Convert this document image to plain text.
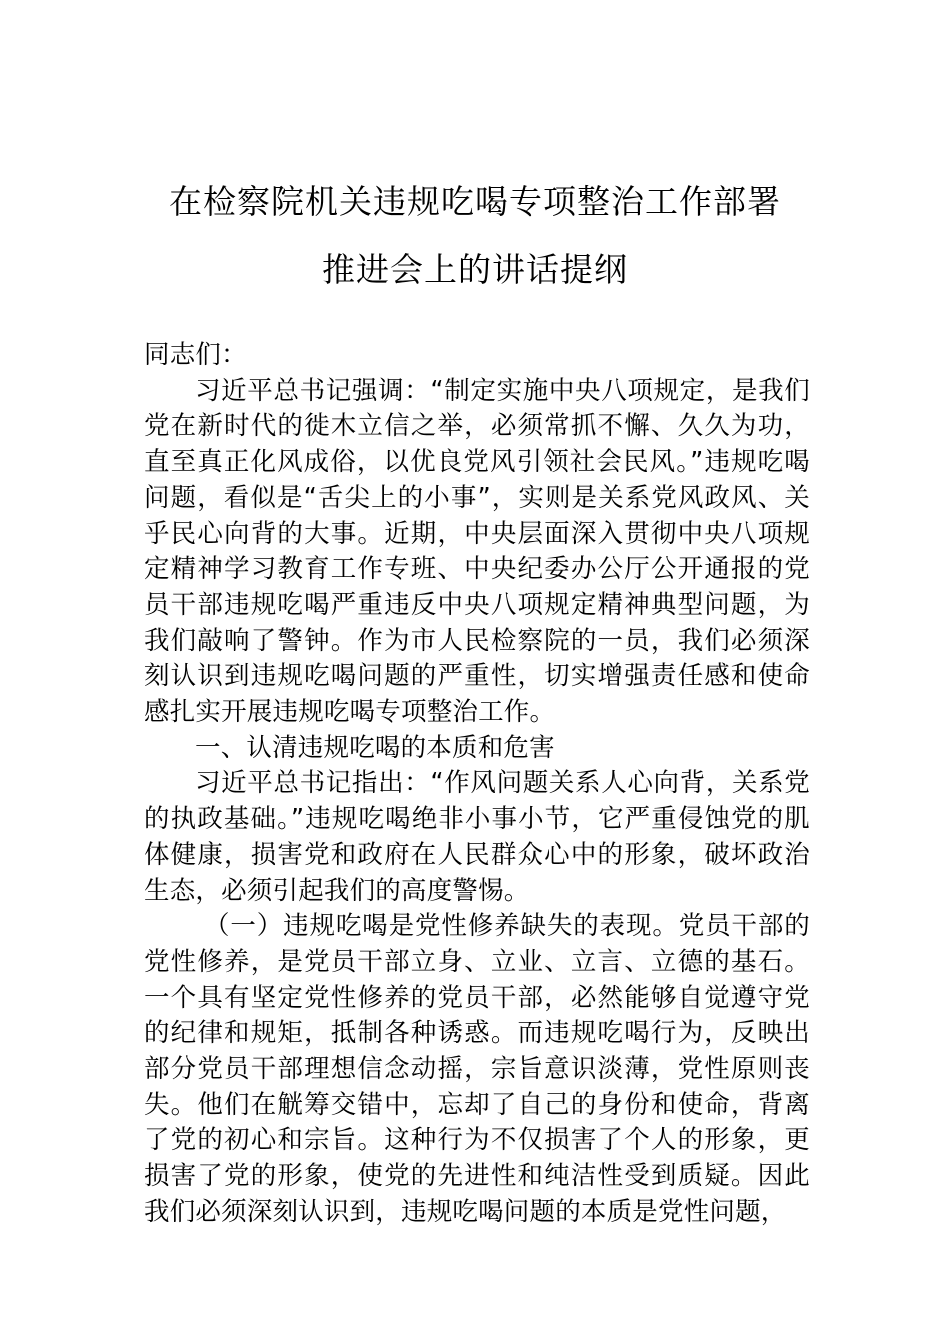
在检察院机关违规吃喝专项整治工作部署
推进会上的讲话提纲

同志们：

习近平总书记强调：“制定实施中央八项规定，是我们党在新时代的徙木立信之举，必须常抓不懈、久久为功，直至真正化风成俗，以优良党风引领社会民风。”违规吃喝问题，看似是“舌尖上的小事”，实则是关系党风政风、关乎民心向背的大事。近期，中央层面深入贯彻中央八项规定精神学习教育工作专班、中央纪委办公厅公开通报的党员干部违规吃喝严重违反中央八项规定精神典型问题，为我们敲响了警钟。作为市人民检察院的一员，我们必须深刻认识到违规吃喝问题的严重性，切实增强责任感和使命感扎实开展违规吃喝专项整治工作。

一、认清违规吃喝的本质和危害

习近平总书记指出：“作风问题关系人心向背，关系党的执政基础。”违规吃喝绝非小事小节，它严重侵蚀党的肌体健康，损害党和政府在人民群众心中的形象，破坏政治生态，必须引起我们的高度警惕。

（一）违规吃喝是党性修养缺失的表现。党员干部的党性修养，是党员干部立身、立业、立言、立德的基石。一个具有坚定党性修养的党员干部，必然能够自觉遵守党的纪律和规矩，抵制各种诱惑。而违规吃喝行为，反映出部分党员干部理想信念动摇，宗旨意识淡薄，党性原则丧失。他们在觥筹交错中，忘却了自己的身份和使命，背离了党的初心和宗旨。这种行为不仅损害了个人的形象，更损害了党的形象，使党的先进性和纯洁性受到质疑。因此我们必须深刻认识到，违规吃喝问题的本质是党性问题，
